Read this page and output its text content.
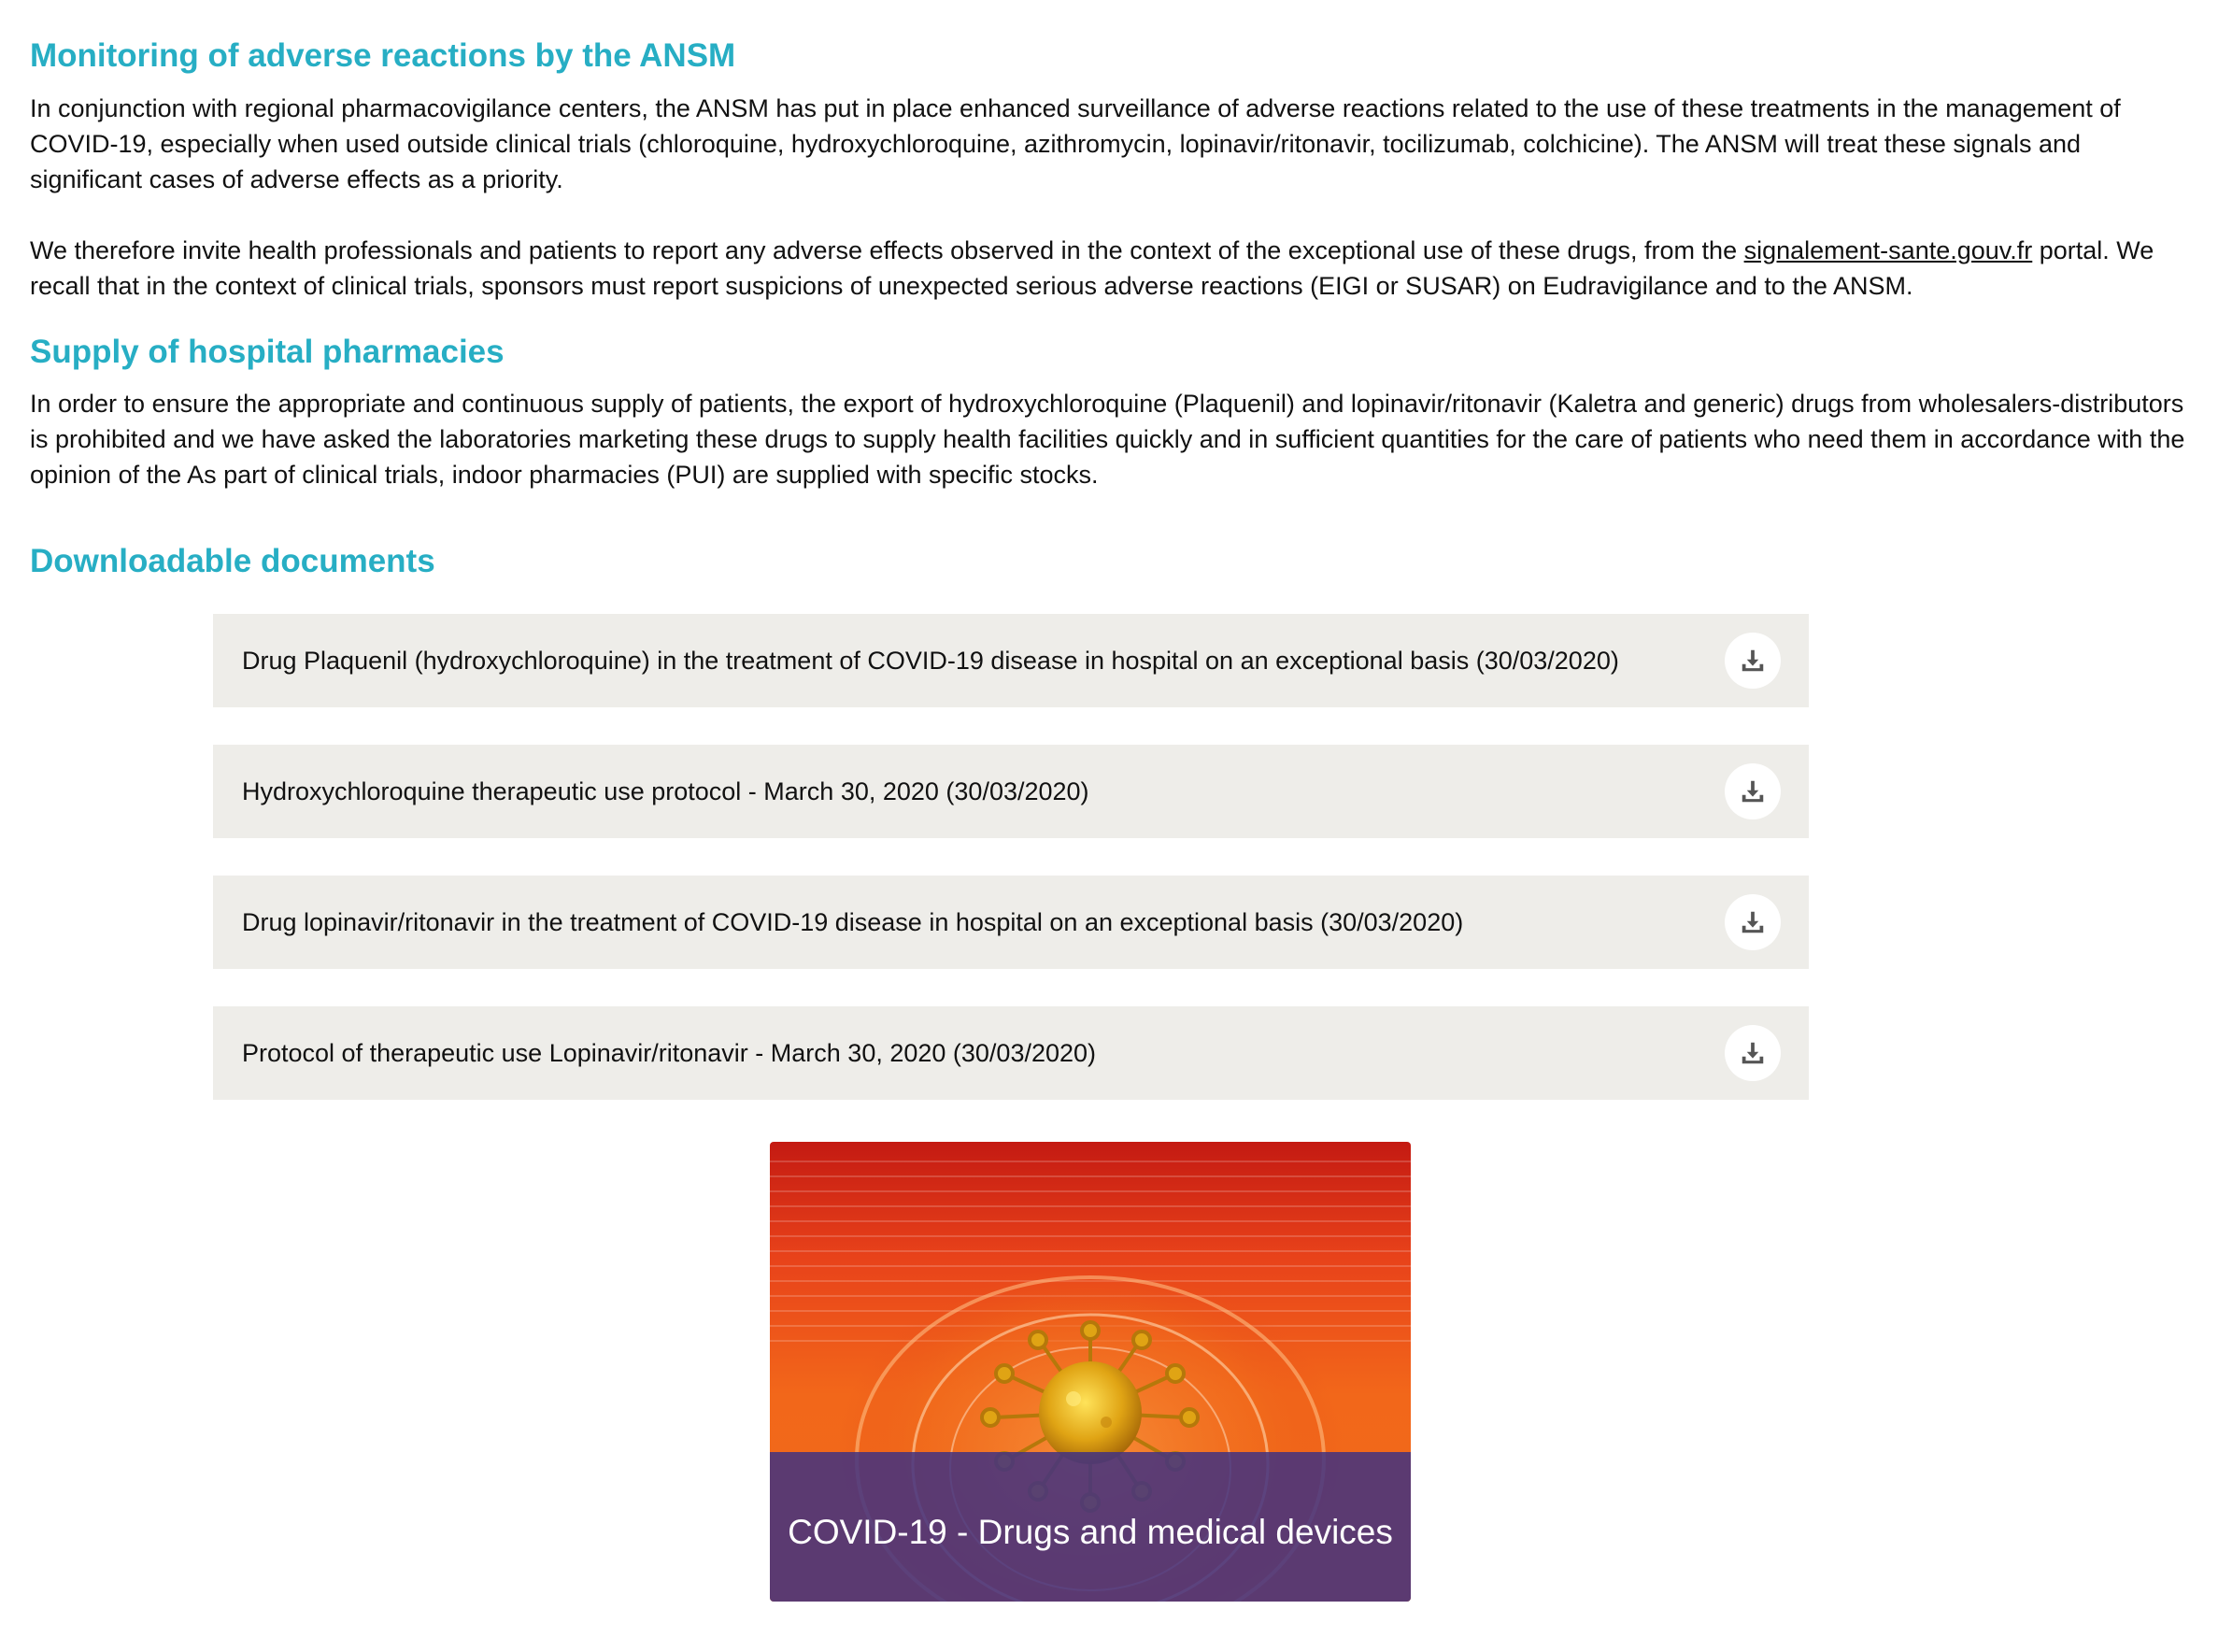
Monitoring of adverse reactions by the ANSM

In conjunction with regional pharmacovigilance centers, the ANSM has put in place enhanced surveillance of adverse reactions related to the use of these treatments in the management of COVID-19, especially when used outside clinical trials (chloroquine, hydroxychloroquine, azithromycin, lopinavir/ritonavir, tocilizumab, colchicine). The ANSM will treat these signals and significant cases of adverse effects as a priority.

We therefore invite health professionals and patients to report any adverse effects observed in the context of the exceptional use of these drugs, from the signalement-sante.gouv.fr portal. We recall that in the context of clinical trials, sponsors must report suspicions of unexpected serious adverse reactions (EIGI or SUSAR) on Eudravigilance and to the ANSM.

Supply of hospital pharmacies

In order to ensure the appropriate and continuous supply of patients, the export of hydroxychloroquine (Plaquenil) and lopinavir/ritonavir (Kaletra and generic) drugs from wholesalers-distributors is prohibited and we have asked the laboratories marketing these drugs to supply health facilities quickly and in sufficient quantities for the care of patients who need them in accordance with the opinion of the As part of clinical trials, indoor pharmacies (PUI) are supplied with specific stocks.

Downloadable documents
Drug Plaquenil (hydroxychloroquine) in the treatment of COVID-19 disease in hospital on an exceptional basis (30/03/2020)
Hydroxychloroquine therapeutic use protocol - March 30, 2020 (30/03/2020)
Drug lopinavir/ritonavir in the treatment of COVID-19 disease in hospital on an exceptional basis (30/03/2020)
Protocol of therapeutic use Lopinavir/ritonavir - March 30, 2020 (30/03/2020)
COVID-19 - Drugs and medical devices
